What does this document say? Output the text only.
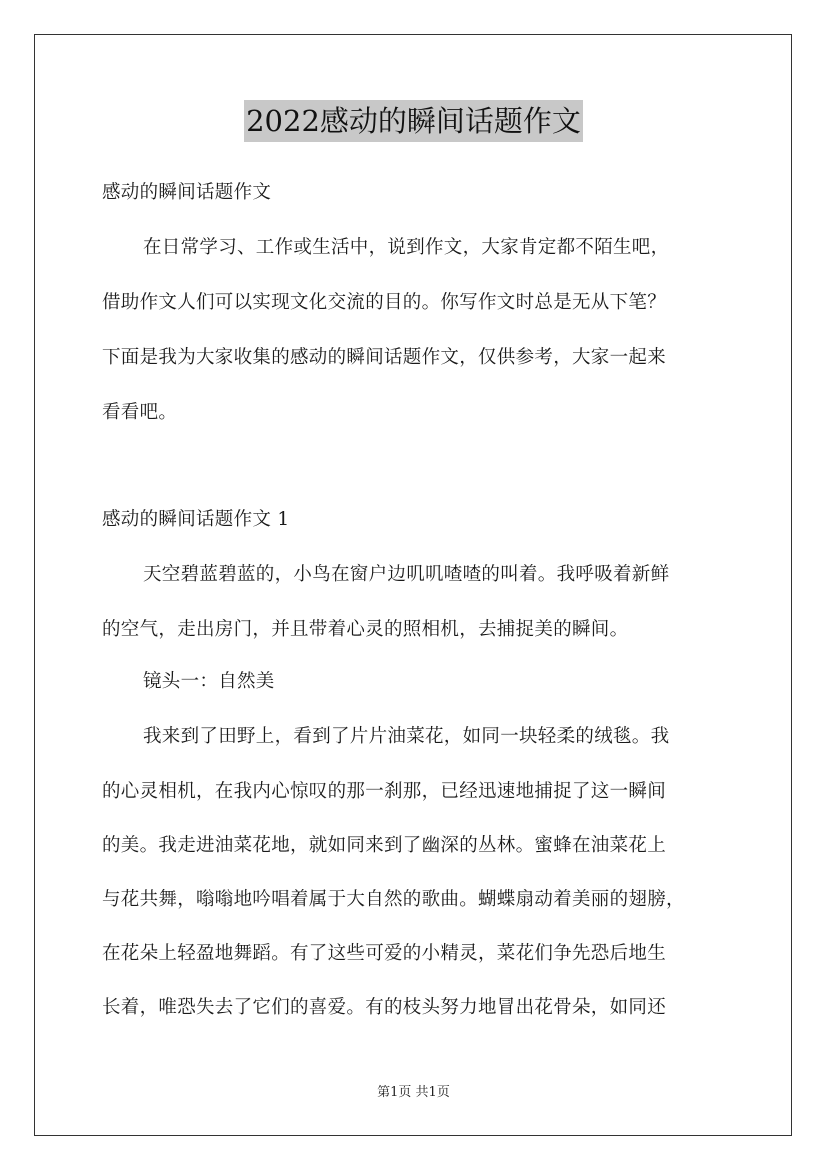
2022感动的瞬间话题作文
感动的瞬间话题作文
在日常学习、工作或生活中，说到作文，大家肯定都不陌生吧，
借助作文人们可以实现文化交流的目的。你写作文时总是无从下笔？
下面是我为大家收集的感动的瞬间话题作文，仅供参考，大家一起来
看看吧。
感动的瞬间话题作文 1
天空碧蓝碧蓝的，小鸟在窗户边叽叽喳喳的叫着。我呼吸着新鲜
的空气，走出房门，并且带着心灵的照相机，去捕捉美的瞬间。
镜头一：自然美
我来到了田野上，看到了片片油菜花，如同一块轻柔的绒毯。我
的心灵相机，在我内心惊叹的那一刹那，已经迅速地捕捉了这一瞬间
的美。我走进油菜花地，就如同来到了幽深的丛林。蜜蜂在油菜花上
与花共舞，嗡嗡地吟唱着属于大自然的歌曲。蝴蝶扇动着美丽的翅膀，
在花朵上轻盈地舞蹈。有了这些可爱的小精灵，菜花们争先恐后地生
长着，唯恐失去了它们的喜爱。有的枝头努力地冒出花骨朵，如同还
第1页 共1页
